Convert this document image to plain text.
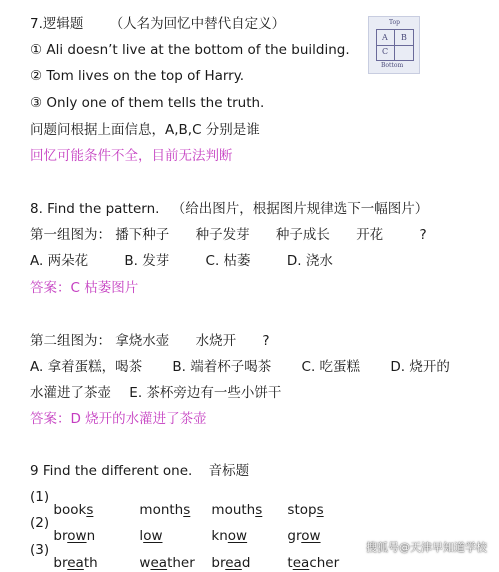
7.逻辑题 （人名为回忆中替代自定义）
① Ali doesn’t live at the bottom of the building.
② Tom lives on the top of Harry.
③ Only one of them tells the truth.
问题问根据上面信息，A,B,C 分别是谁
回忆可能条件不全，目前无法判断
Top
A B
C
Bottom
8. Find the pattern. （给出图片，根据图片规律选下一幅图片）
第一组图为： 播下种子 种子发芽 种子成长 开花	?
A. 两朵花	B. 发芽	C. 枯萎	D. 浇水
答案：C 枯萎图片
第二组图为： 拿烧水壶 水烧开 ?
A. 拿着蛋糕，喝茶 B. 端着杯子喝茶 C. 吃蛋糕 D. 烧开的
水灌进了茶壶 E. 茶杯旁边有一些小饼干
答案：D 烧开的水灌进了茶壶
9 Find the different one. 音标题
(1)
books	months mouths stops
(2)
brown	low	know	grow
(3)
breath	weather bread	teacher
搜狐号@天津早知道学校
